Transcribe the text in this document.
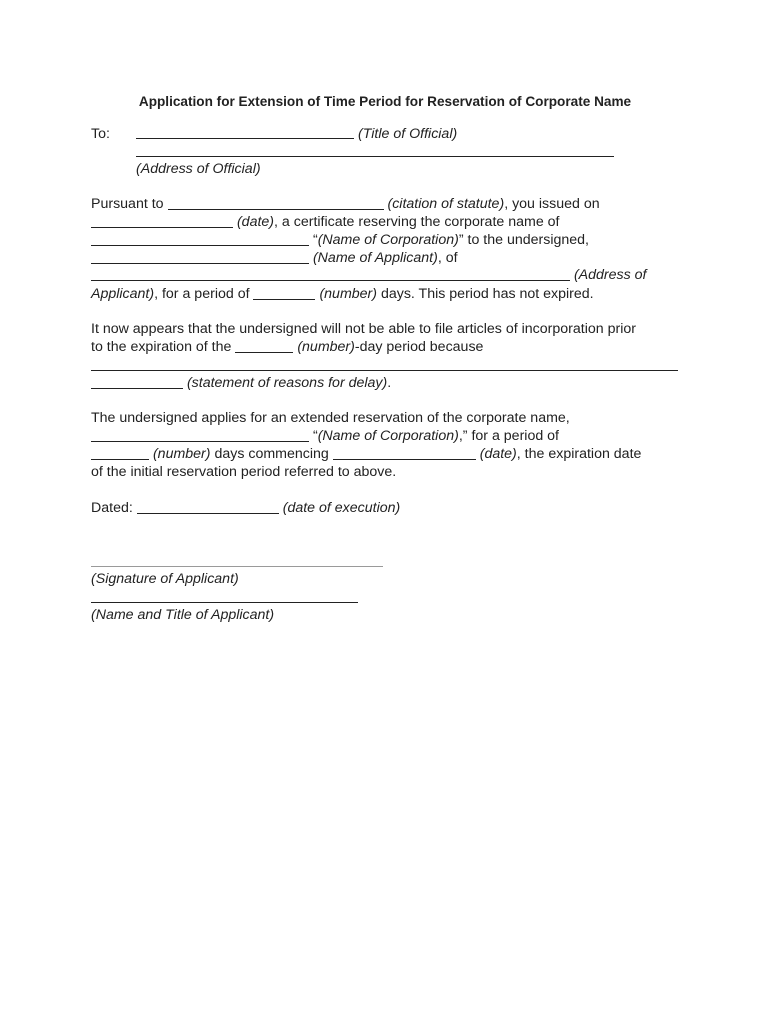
Application for Extension of Time Period for Reservation of Corporate Name
To:	(Title of Official)
(Address of Official)
Pursuant to	(citation of statute), you issued on
(date), a certificate reserving the corporate name of
“(Name of Corporation)” to the undersigned,
(Name of Applicant), of
(Address of
Applicant), for a period of	(number) days. This period has not expired.
It now appears that the undersigned will not be able to file articles of incorporation prior
to the expiration of the	(number)-day period because
(statement of reasons for delay).
The undersigned applies for an extended reservation of the corporate name,
“(Name of Corporation),” for a period of
(number) days commencing	(date), the expiration date
of the initial reservation period referred to above.
Dated:	(date of execution)
(Signature of Applicant)
(Name and Title of Applicant)
